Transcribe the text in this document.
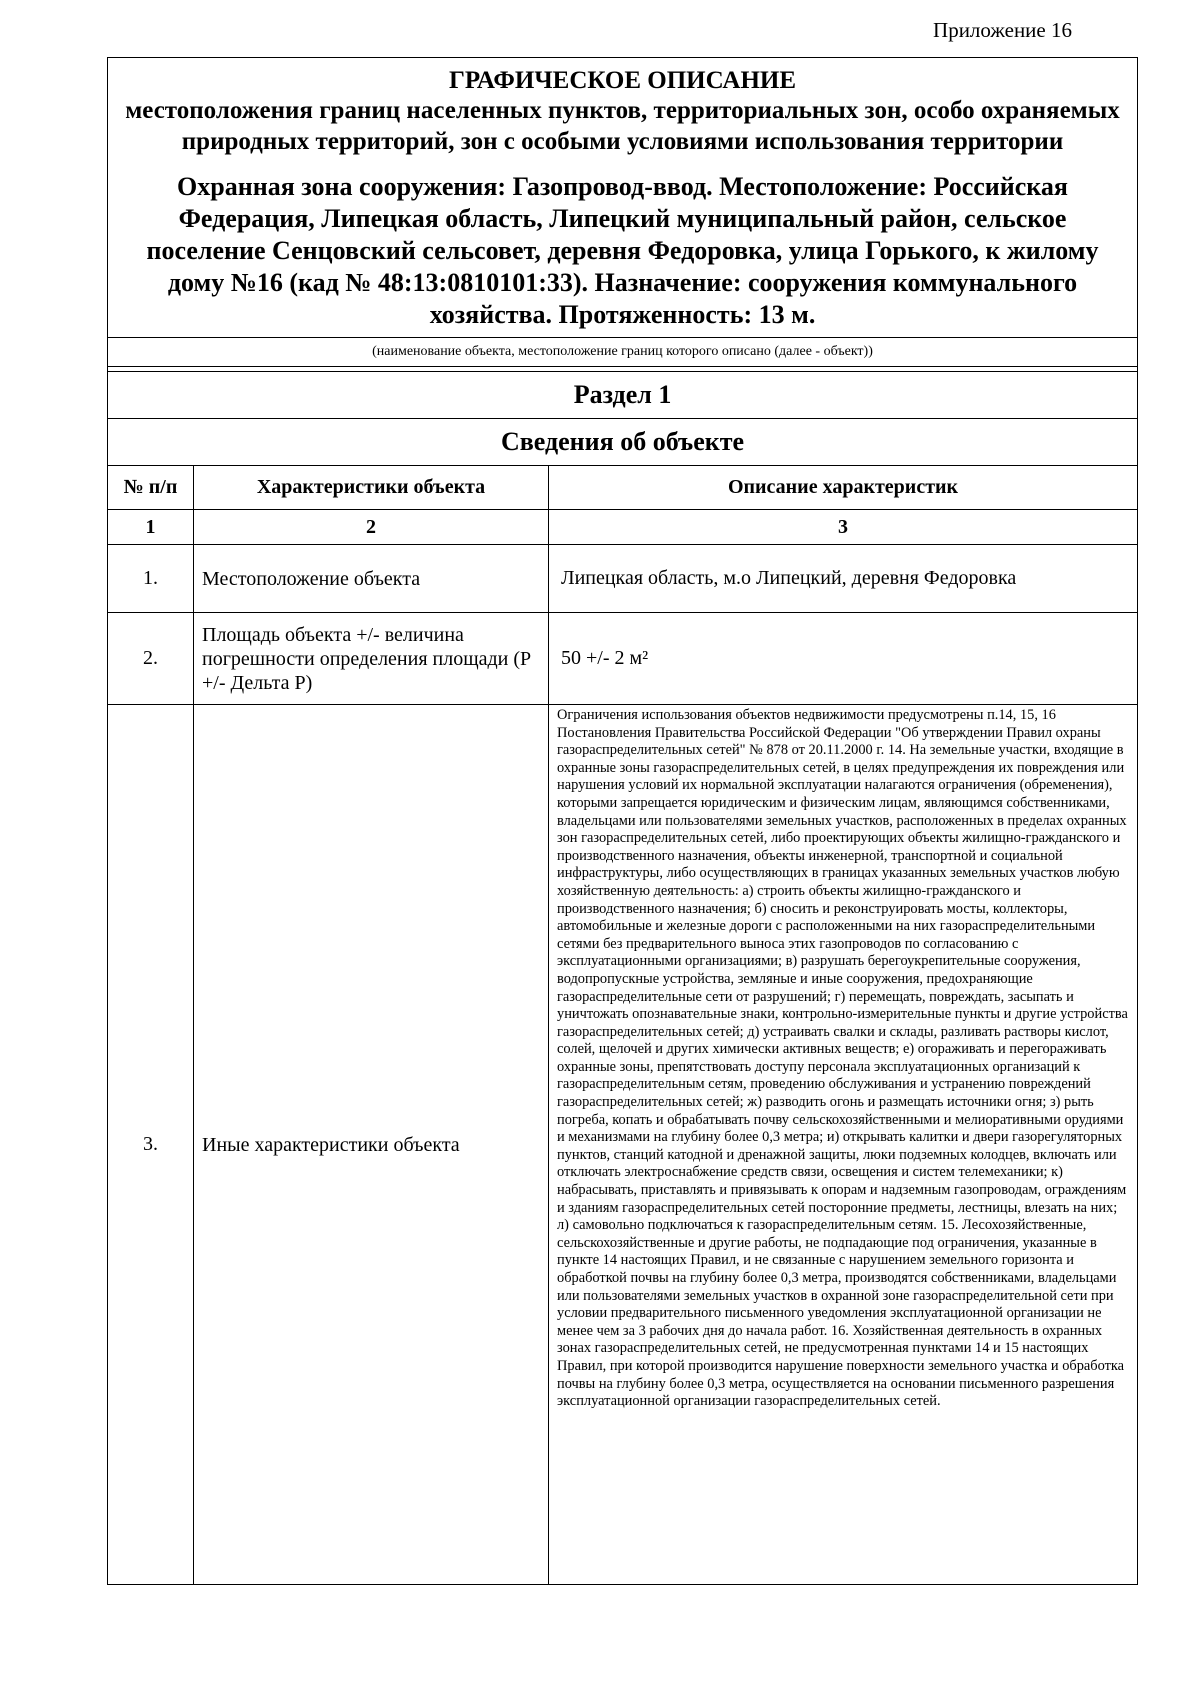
Приложение 16
ГРАФИЧЕСКОЕ ОПИСАНИЕ
местоположения границ населенных пунктов, территориальных зон, особо охраняемых природных территорий, зон с особыми условиями использования территории
Охранная зона сооружения: Газопровод-ввод. Местоположение: Российская Федерация, Липецкая область, Липецкий муниципальный район, сельское поселение Сенцовский сельсовет, деревня Федоровка, улица Горького, к жилому дому №16 (кад № 48:13:0810101:33). Назначение: сооружения коммунального хозяйства. Протяженность: 13 м.		

(наименование объекта, местоположение границ которого описано (далее - объект))		

Раздел 1		
Сведения об объекте		
№ п/п	Характеристики объекта	Описание характеристик
1	2	3
1.	Местоположение объекта	Липецкая область, м.о Липецкий, деревня Федоровка
2.	Площадь объекта +/- величина погрешности определения площади (Р +/- Дельта Р)	50 +/- 2 м²
3.	Иные характеристики объекта	Ограничения использования объектов недвижимости предусмотрены п.14, 15, 16 Постановления Правительства Российской Федерации "Об утверждении Правил охраны газораспределительных сетей" № 878 от 20.11.2000 г. 14. На земельные участки, входящие в охранные зоны газораспределительных сетей, в целях предупреждения их повреждения или нарушения условий их нормальной эксплуатации налагаются ограничения (обременения), которыми запрещается юридическим и физическим лицам, являющимся собственниками, владельцами или пользователями земельных участков, расположенных в пределах охранных зон газораспределительных сетей, либо проектирующих объекты жилищно-гражданского и производственного назначения, объекты инженерной, транспортной и социальной инфраструктуры, либо осуществляющих в границах указанных земельных участков любую хозяйственную деятельность: а) строить объекты жилищно-гражданского и производственного назначения; б) сносить и реконструировать мосты, коллекторы, автомобильные и железные дороги с расположенными на них газораспределительными сетями без предварительного выноса этих газопроводов по согласованию с эксплуатационными организациями; в) разрушать берегоукрепительные сооружения, водопропускные устройства, земляные и иные сооружения, предохраняющие газораспределительные сети от разрушений; г) перемещать, повреждать, засыпать и уничтожать опознавательные знаки, контрольно-измерительные пункты и другие устройства газораспределительных сетей; д) устраивать свалки и склады, разливать растворы кислот, солей, щелочей и других химически активных веществ; е) огораживать и перегораживать охранные зоны, препятствовать доступу персонала эксплуатационных организаций к газораспределительным сетям, проведению обслуживания и устранению повреждений газораспределительных сетей; ж) разводить огонь и размещать источники огня; з) рыть погреба, копать и обрабатывать почву сельскохозяйственными и мелиоративными орудиями и механизмами на глубину более 0,3 метра; и) открывать калитки и двери газорегуляторных пунктов, станций катодной и дренажной защиты, люки подземных колодцев, включать или отключать электроснабжение средств связи, освещения и систем телемеханики; к) набрасывать, приставлять и привязывать к опорам и надземным газопроводам, ограждениям и зданиям газораспределительных сетей посторонние предметы, лестницы, влезать на них; л) самовольно подключаться к газораспределительным сетям. 15. Лесохозяйственные, сельскохозяйственные и другие работы, не подпадающие под ограничения, указанные в пункте 14 настоящих Правил, и не связанные с нарушением земельного горизонта и обработкой почвы на глубину более 0,3 метра, производятся собственниками, владельцами или пользователями земельных участков в охранной зоне газораспределительной сети при условии предварительного письменного уведомления эксплуатационной организации не менее чем за 3 рабочих дня до начала работ. 16. Хозяйственная деятельность в охранных зонах газораспределительных сетей, не предусмотренная пунктами 14 и 15 настоящих Правил, при которой производится нарушение поверхности земельного участка и обработка почвы на глубину более 0,3 метра, осуществляется на основании письменного разрешения эксплуатационной организации газораспределительных сетей.
